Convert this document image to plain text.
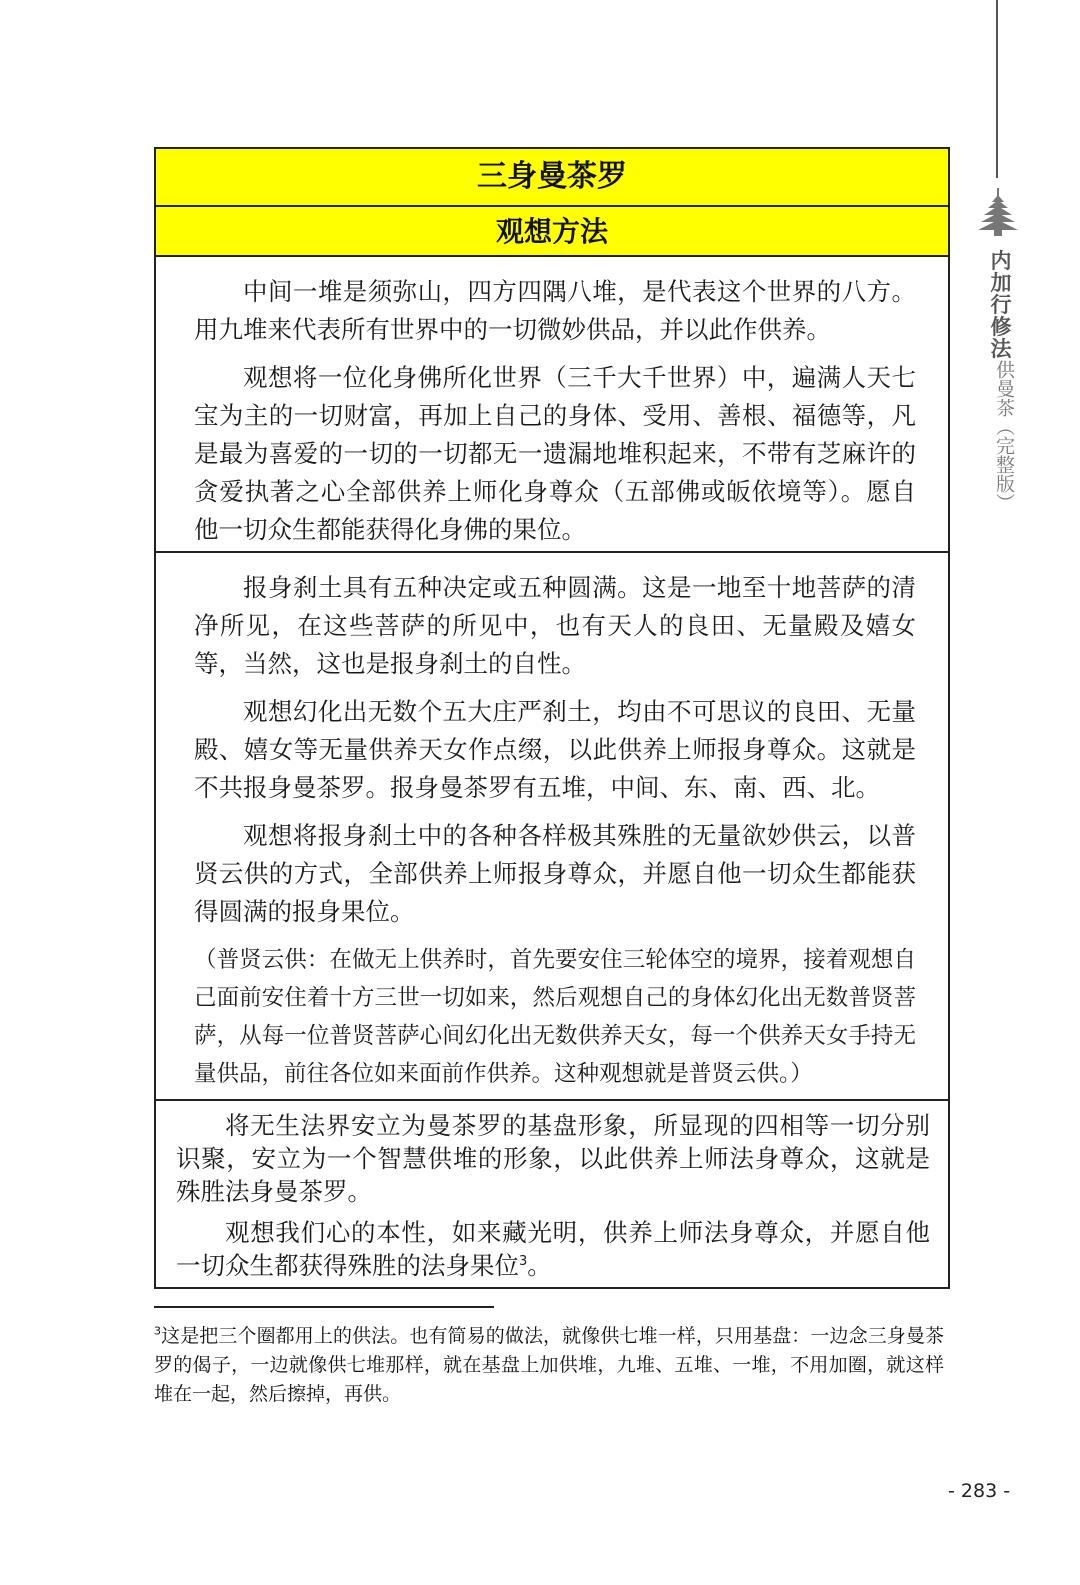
内加行修法
供曼茶（完整版）
三身曼茶罗
观想方法

中间一堆是须弥山，四方四隅八堆，是代表这个世界的八方。用九堆来代表所有世界中的一切微妙供品，并以此作供养。

观想将一位化身佛所化世界（三千大千世界）中，遍满人天七宝为主的一切财富，再加上自己的身体、受用、善根、福德等，凡是最为喜爱的一切的一切都无一遗漏地堆积起来，不带有芝麻许的贪爱执著之心全部供养上师化身尊众（五部佛或皈依境等）。愿自他一切众生都能获得化身佛的果位。

报身刹土具有五种决定或五种圆满。这是一地至十地菩萨的清净所见，在这些菩萨的所见中，也有天人的良田、无量殿及嬉女等，当然，这也是报身刹土的自性。

观想幻化出无数个五大庄严刹土，均由不可思议的良田、无量殿、嬉女等无量供养天女作点缀，以此供养上师报身尊众。这就是不共报身曼茶罗。报身曼茶罗有五堆，中间、东、南、西、北。

观想将报身刹土中的各种各样极其殊胜的无量欲妙供云，以普贤云供的方式，全部供养上师报身尊众，并愿自他一切众生都能获得圆满的报身果位。

（普贤云供：在做无上供养时，首先要安住三轮体空的境界，接着观想自己面前安住着十方三世一切如来，然后观想自己的身体幻化出无数普贤菩萨，从每一位普贤菩萨心间幻化出无数供养天女，每一个供养天女手持无量供品，前往各位如来面前作供养。这种观想就是普贤云供。）

将无生法界安立为曼茶罗的基盘形象，所显现的四相等一切分别识聚，安立为一个智慧供堆的形象，以此供养上师法身尊众，这就是殊胜法身曼茶罗。

观想我们心的本性，如来藏光明，供养上师法身尊众，并愿自他一切众生都获得殊胜的法身果位$^3$。

$^3$这是把三个圈都用上的供法。也有简易的做法，就像供七堆一样，只用基盘：一边念三身曼茶罗的偈子，一边就像供七堆那样，就在基盘上加供堆，九堆、五堆、一堆，不用加圈，就这样堆在一起，然后擦掉，再供。
- 283 -
